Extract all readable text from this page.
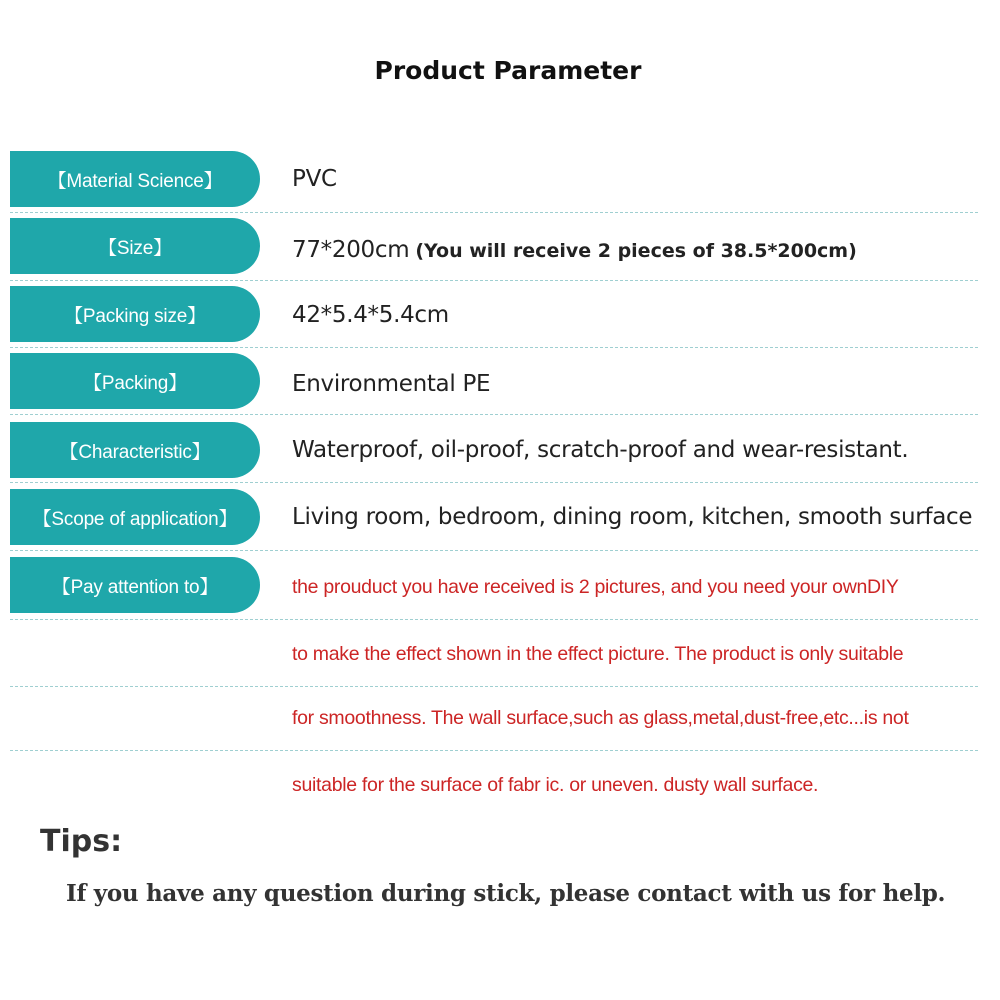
Product Parameter
【Material Science】	PVC
【Size】	77*200cm (You will receive 2 pieces of 38.5*200cm)
【Packing size】	42*5.4*5.4cm
【Packing】	Environmental PE
【Characteristic】	Waterproof, oil-proof, scratch-proof and wear-resistant.
【Scope of application】	Living room, bedroom, dining room, kitchen, smooth surface
【Pay attention to】	the prouduct you have received is 2 pictures, and you need your ownDIY
to make the effect shown in the effect picture. The product is only suitable
for smoothness. The wall surface,such as glass,metal,dust-free,etc...is not
suitable for the surface of fabr ic. or uneven. dusty wall surface.
Tips:
If you have any question during stick, please contact with us for help.
